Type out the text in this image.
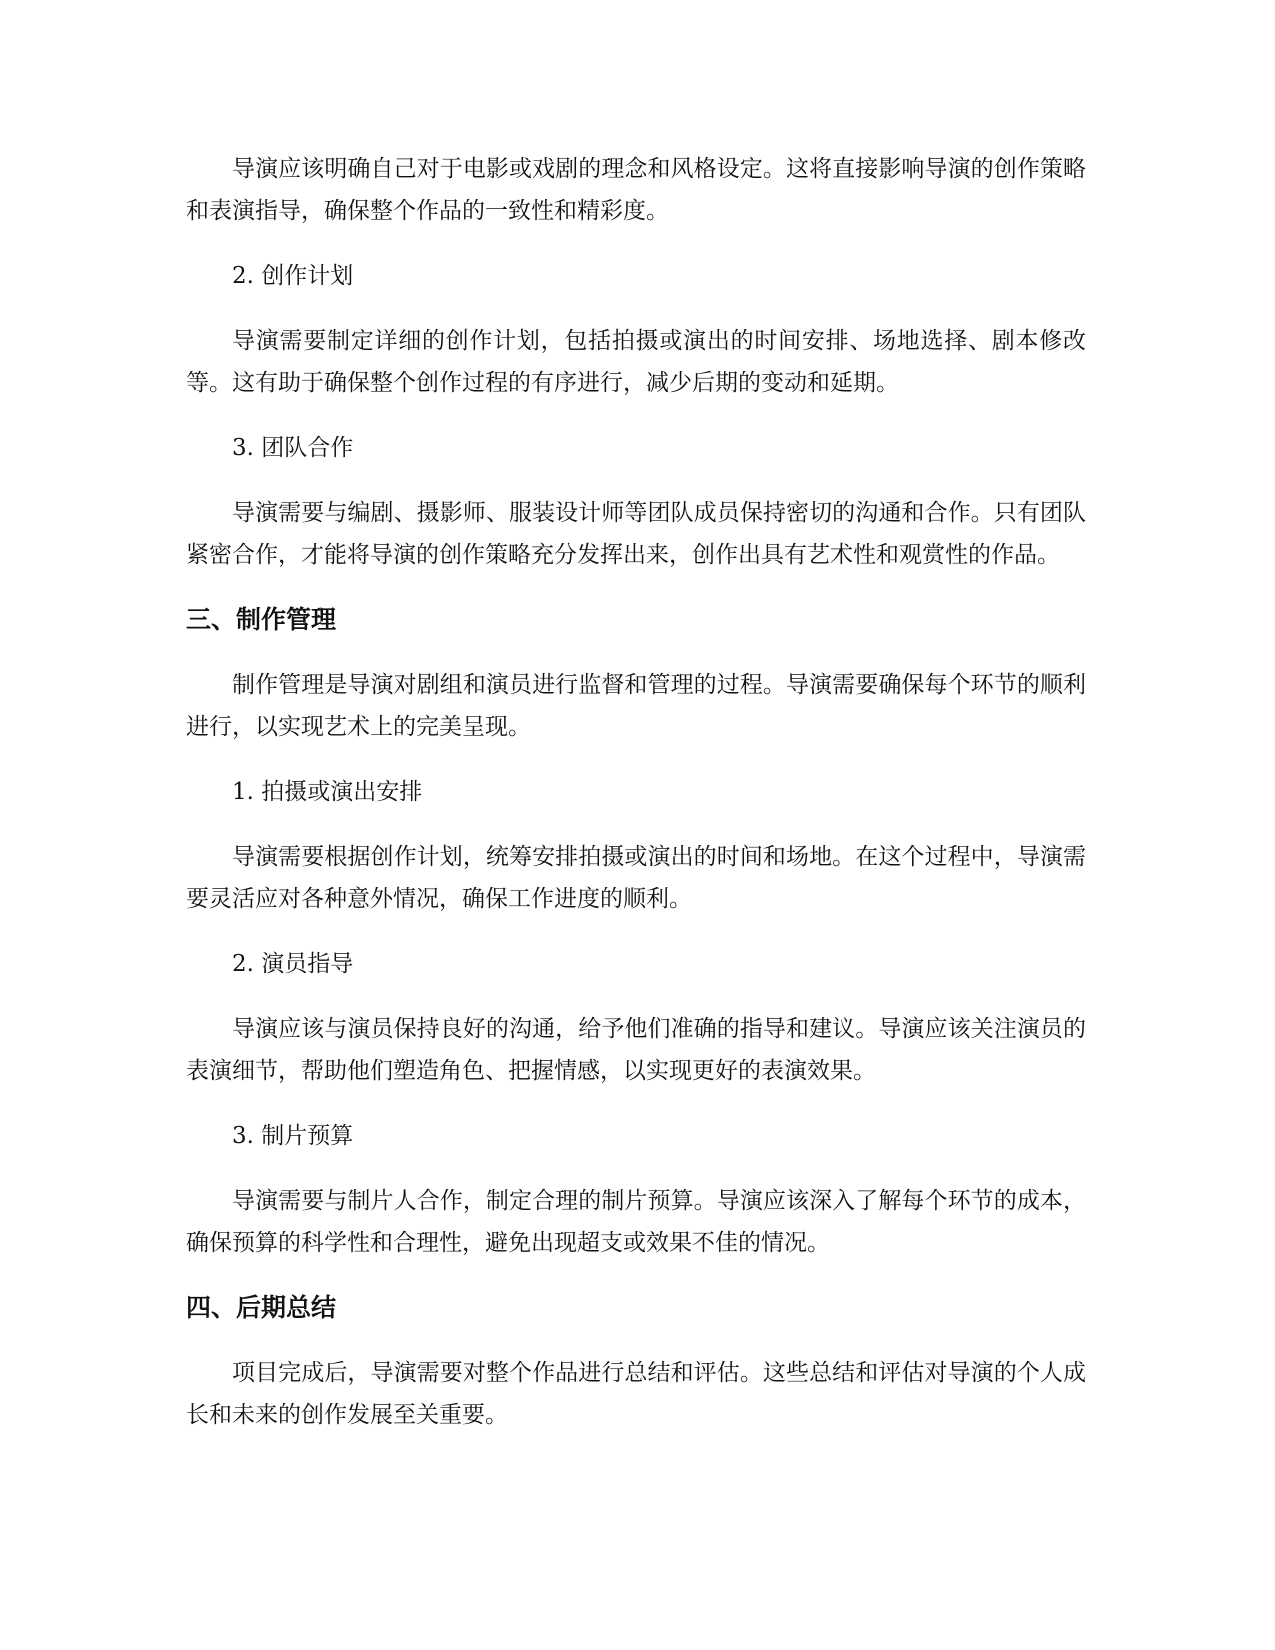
导演应该明确自己对于电影或戏剧的理念和风格设定。这将直接影响导演的创作策略和表演指导，确保整个作品的一致性和精彩度。

2. 创作计划

导演需要制定详细的创作计划，包括拍摄或演出的时间安排、场地选择、剧本修改等。这有助于确保整个创作过程的有序进行，减少后期的变动和延期。

3. 团队合作

导演需要与编剧、摄影师、服装设计师等团队成员保持密切的沟通和合作。只有团队紧密合作，才能将导演的创作策略充分发挥出来，创作出具有艺术性和观赏性的作品。

三、制作管理

制作管理是导演对剧组和演员进行监督和管理的过程。导演需要确保每个环节的顺利进行，以实现艺术上的完美呈现。

1. 拍摄或演出安排

导演需要根据创作计划，统筹安排拍摄或演出的时间和场地。在这个过程中，导演需要灵活应对各种意外情况，确保工作进度的顺利。

2. 演员指导

导演应该与演员保持良好的沟通，给予他们准确的指导和建议。导演应该关注演员的表演细节，帮助他们塑造角色、把握情感，以实现更好的表演效果。

3. 制片预算

导演需要与制片人合作，制定合理的制片预算。导演应该深入了解每个环节的成本，确保预算的科学性和合理性，避免出现超支或效果不佳的情况。

四、后期总结

项目完成后，导演需要对整个作品进行总结和评估。这些总结和评估对导演的个人成长和未来的创作发展至关重要。
